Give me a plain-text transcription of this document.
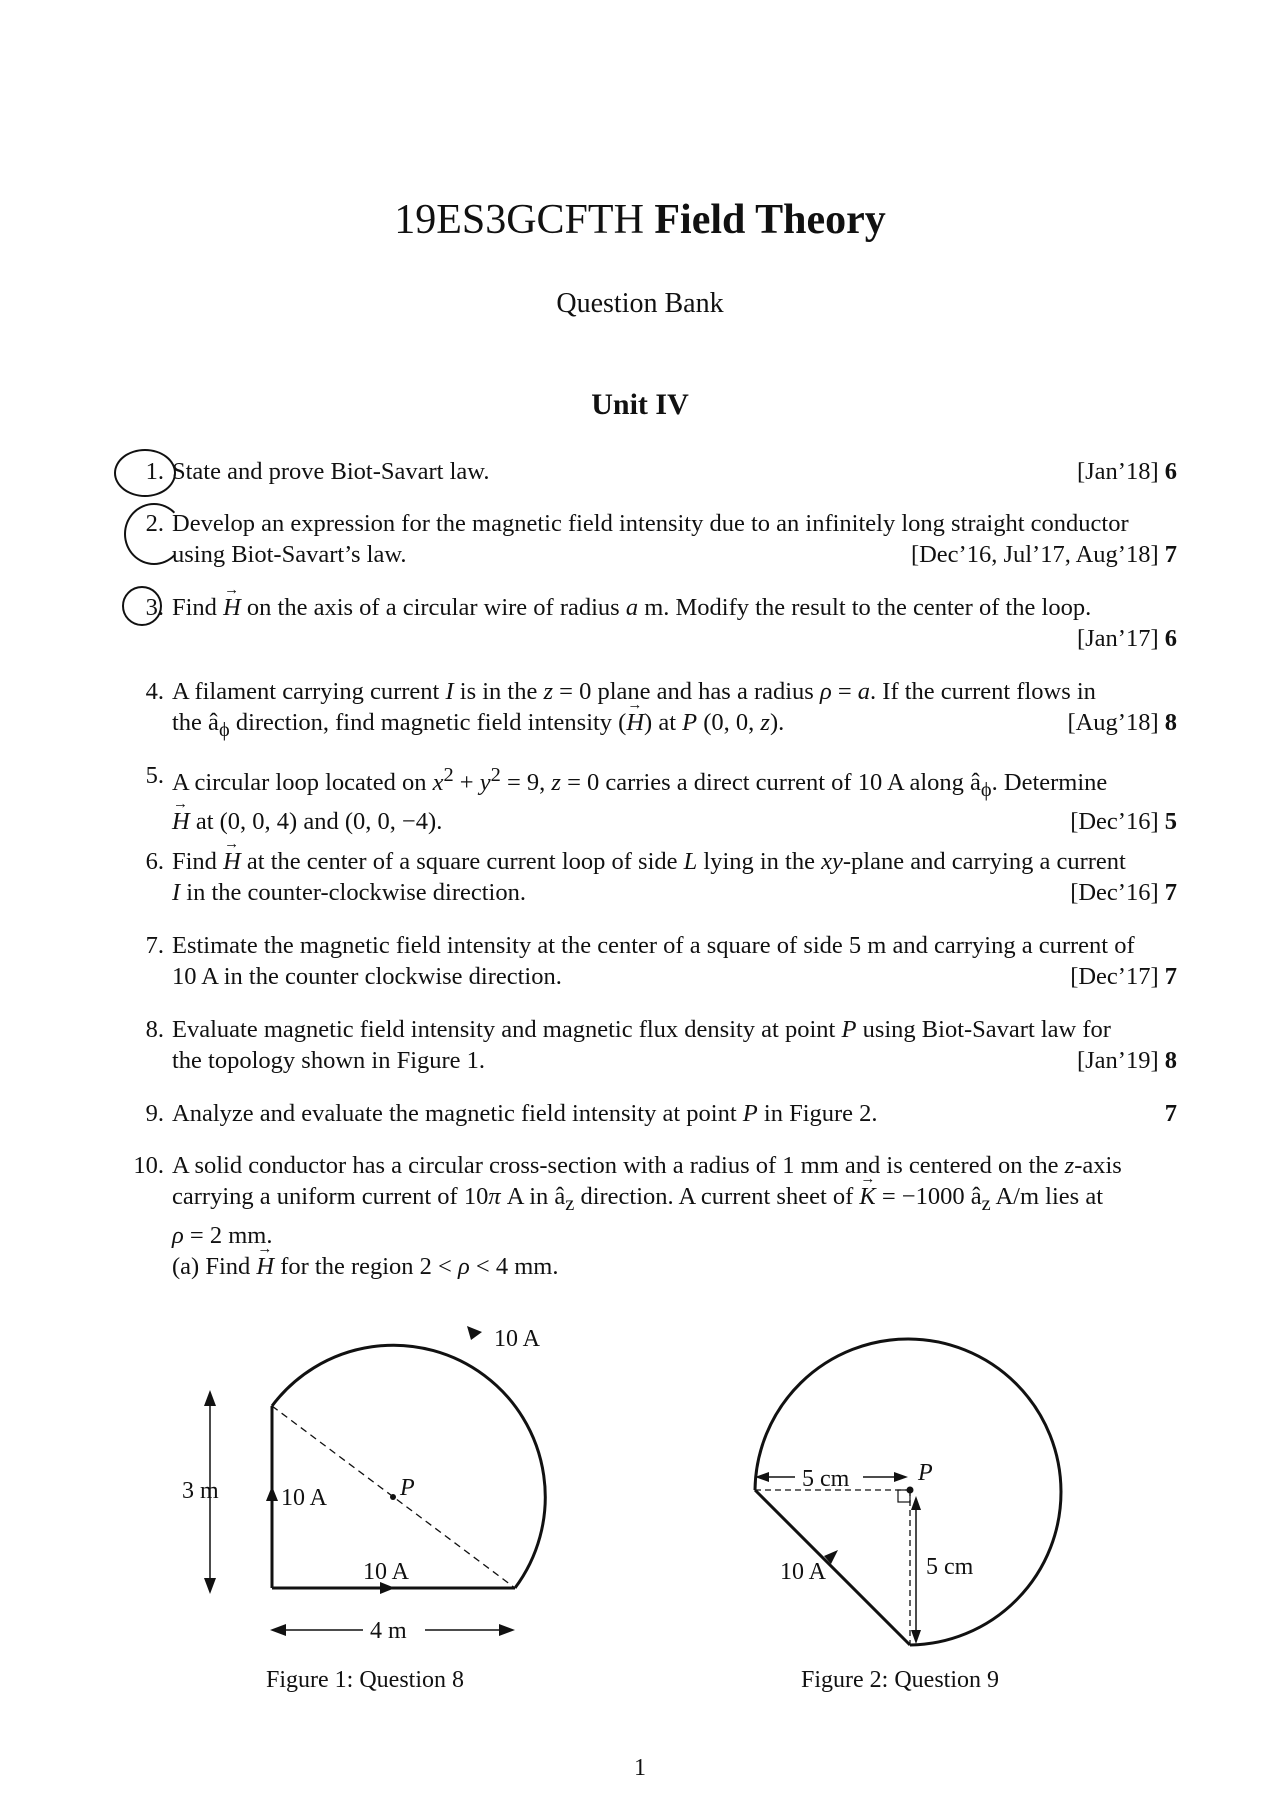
19ES3GCFTH Field Theory
Question Bank
Unit IV
1.	[Jan’18] 6
State and prove Biot-Savart law.
2. Develop an expression for the magnetic field intensity due to an infinitely long straight conductor
[Dec’16, Jul’17, Aug’18] 7
using Biot-Savart’s law.
3. Find → H on the axis of a circular wire of radius a m. Modify the result to the center of the loop.
[Jan’17] 6
4. A filament carrying current I is in the z = 0 plane and has a radius ρ = a. If the current flows in
[Aug’18] 8
the $â_\phi$ direction, find magnetic field intensity (→ H) at P (0, 0, z).
5. A circular loop located on $x^2 + y^2 = 9$, z = 0 carries a direct current of 10 A along $â_\phi$. Determine
[Dec’16] 5
→ H at (0, 0, 4) and (0, 0, −4).
6. Find → H at the center of a square current loop of side L lying in the xy-plane and carrying a current
[Dec’16] 7
I in the counter-clockwise direction.
7. Estimate the magnetic field intensity at the center of a square of side 5 m and carrying a current of
[Dec’17] 7
10 A in the counter clockwise direction.
8. Evaluate magnetic field intensity and magnetic flux density at point P using Biot-Savart law for
[Jan’19] 8
the topology shown in Figure 1.
9.	7
Analyze and evaluate the magnetic field intensity at point P in Figure 2.
10. A solid conductor has a circular cross-section with a radius of 1 mm and is centered on the z-axis
carrying a uniform current of 10π A in $â_z$ direction. A current sheet of → K = −1000 $â_z$ A/m lies at
ρ = 2 mm.
(a) Find → H for the region 2 < ρ < 4 mm.
10 A
10 A
10 A
3 m
4 m
P
Figure 1: Question 8
5 cm
5 cm
10 A
P
Figure 2: Question 9
1
